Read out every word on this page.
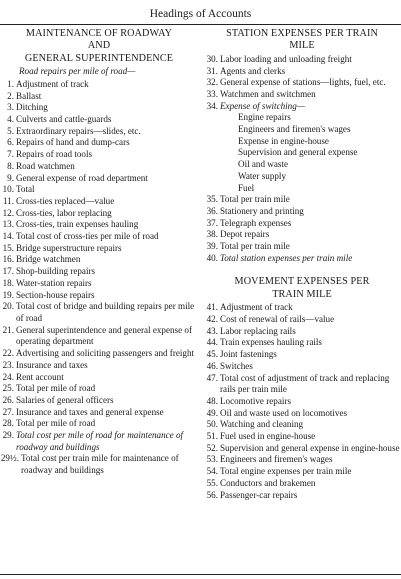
Headings of Accounts
MAINTENANCE OF ROADWAY
AND
GENERAL SUPERINTENDENCE
Road repairs per mile of road—
1. Adjustment of track
2. Ballast
3. Ditching
4. Culverts and cattle-guards
5. Extraordinary repairs—slides, etc.
6. Repairs of hand and dump-cars
7. Repairs of road tools
8. Road watchmen
9. General expense of road department
10. Total
11. Cross-ties replaced—value
12. Cross-ties, labor replacing
13. Cross-ties, train expenses hauling
14. Total cost of cross-ties per mile of road
15. Bridge superstructure repairs
16. Bridge watchmen
17. Shop-building repairs
18. Water-station repairs
19. Section-house repairs
20. Total cost of bridge and building repairs per mile of road
21. General superintendence and general expense of operating department
22. Advertising and soliciting passengers and freight
23. Insurance and taxes
24. Rent account
25. Total per mile of road
26. Salaries of general officers
27. Insurance and taxes and general expense
28. Total per mile of road
29. Total cost per mile of road for maintenance of roadway and buildings
29½. Total cost per train mile for maintenance of roadway and buildings
STATION EXPENSES PER TRAIN
MILE
30. Labor loading and unloading freight
31. Agents and clerks
32. General expense of stations—lights, fuel, etc.
33. Watchmen and switchmen
34. Expense of switching—
Engine repairs
Engineers and firemen's wages
Expense in engine-house
Supervision and general expense
Oil and waste
Water supply
Fuel
35. Total per train mile
36. Stationery and printing
37. Telegraph expenses
38. Depot repairs
39. Total per train mile
40. Total station expenses per train mile
MOVEMENT EXPENSES PER
TRAIN MILE
41. Adjustment of track
42. Cost of renewal of rails—value
43. Labor replacing rails
44. Train expenses hauling rails
45. Joint fastenings
46. Switches
47. Total cost of adjustment of track and replacing rails per train mile
48. Locomotive repairs
49. Oil and waste used on locomotives
50. Watching and cleaning
51. Fuel used in engine-house
52. Supervision and general expense in engine-house
53. Engineers and firemen's wages
54. Total engine expenses per train mile
55. Conductors and brakemen
56. Passenger-car repairs
